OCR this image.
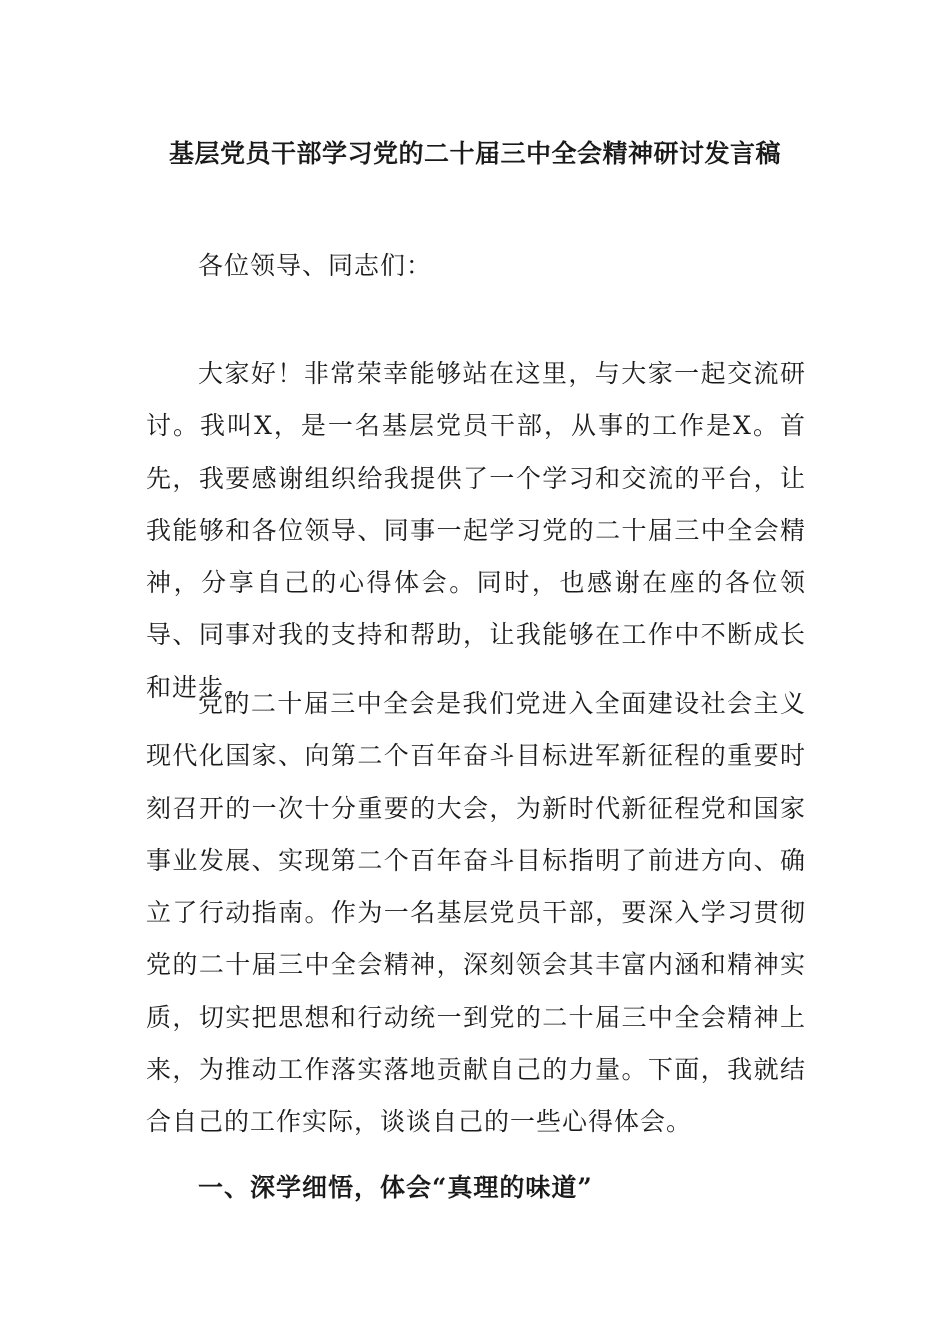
基层党员干部学习党的二十届三中全会精神研讨发言稿

各位领导、同志们：

大家好！非常荣幸能够站在这里，与大家一起交流研讨。我叫X，是一名基层党员干部，从事的工作是X。首先，我要感谢组织给我提供了一个学习和交流的平台，让我能够和各位领导、同事一起学习党的二十届三中全会精神，分享自己的心得体会。同时，也感谢在座的各位领导、同事对我的支持和帮助，让我能够在工作中不断成长和进步。

党的二十届三中全会是我们党进入全面建设社会主义现代化国家、向第二个百年奋斗目标进军新征程的重要时刻召开的一次十分重要的大会，为新时代新征程党和国家事业发展、实现第二个百年奋斗目标指明了前进方向、确立了行动指南。作为一名基层党员干部，要深入学习贯彻党的二十届三中全会精神，深刻领会其丰富内涵和精神实质，切实把思想和行动统一到党的二十届三中全会精神上来，为推动工作落实落地贡献自己的力量。下面，我就结合自己的工作实际，谈谈自己的一些心得体会。

一、深学细悟，体会“真理的味道”
